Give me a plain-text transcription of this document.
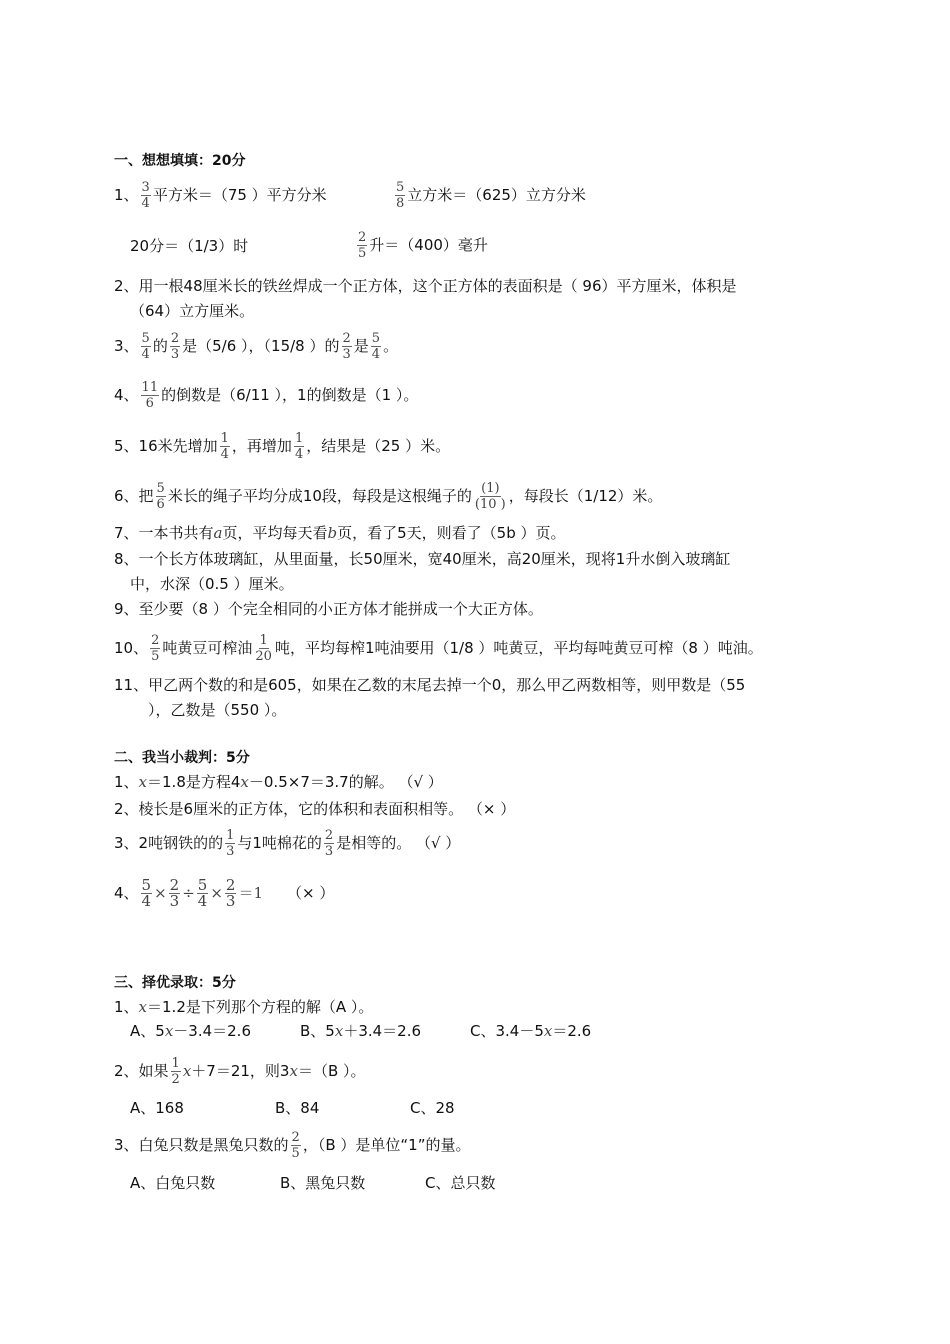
一、想想填填：20分
1、 $\frac{3}{4}$ 平方米＝（75 ）平方分米	$\frac{5}{8}$ 立方米＝（625）立方分米
20分＝（1/3）时	$\frac{2}{5}$ 升＝（400）毫升
2、用一根48厘米长的铁丝焊成一个正方体，这个正方体的表面积是（ 96）平方厘米，体积是
（64）立方厘米。
3、 $\frac{5}{4}$ 的 $\frac{2}{3}$ 是（5/6 ），（15/8 ）的 $\frac{2}{3}$ 是 $\frac{5}{4}$ 。
4、 $\frac{11}{6}$ 的倒数是（6/11 ），1的倒数是（1 ）。
5、16米先增加 $\frac{1}{4}$ ，再增加 $\frac{1}{4}$ ，结果是（25 ）米。
6、把 $\frac{5}{6}$ 米长的绳子平均分成10段，每段是这根绳子的 $\frac{(1)}{(10 )}$ ，每段长（1/12）米。
7、一本书共有a页，平均每天看b页，看了5天，则看了（5b ）页。
8、一个长方体玻璃缸，从里面量，长50厘米，宽40厘米，高20厘米，现将1升水倒入玻璃缸
中，水深（0.5 ）厘米。
9、至少要（8 ）个完全相同的小正方体才能拼成一个大正方体。
10、 $\frac{2}{5}$ 吨黄豆可榨油 $\frac{1}{20}$ 吨，平均每榨1吨油要用（1/8 ）吨黄豆，平均每吨黄豆可榨（8 ）吨油。
11、甲乙两个数的和是605，如果在乙数的末尾去掉一个0，那么甲乙两数相等，则甲数是（55
），乙数是（550 ）。
二、我当小裁判：5分
1、x＝1.8是方程4x－0.5×7＝3.7的解。 （√ ）
2、棱长是6厘米的正方体，它的体积和表面积相等。 （× ）
3、2吨钢铁的的 $\frac{1}{3}$ 与1吨棉花的 $\frac{2}{3}$ 是相等的。 （√ ）
4、 $\frac{5}{4} \times \frac{2}{3} \div \frac{5}{4} \times \frac{2}{3} =1$ （× ）
三、择优录取：5分
1、x＝1.2是下列那个方程的解（A ）。
A、5x－3.4＝2.6	B、5x＋3.4＝2.6	C、3.4－5x＝2.6
2、如果 $\frac{1}{2} x+7=21$，则3x＝（B ）。
A、168	B、84	C、28
3、白兔只数是黑兔只数的 $\frac{2}{5}$ ，（B ）是单位“1”的量。
A、白兔只数	B、黑兔只数	C、总只数
